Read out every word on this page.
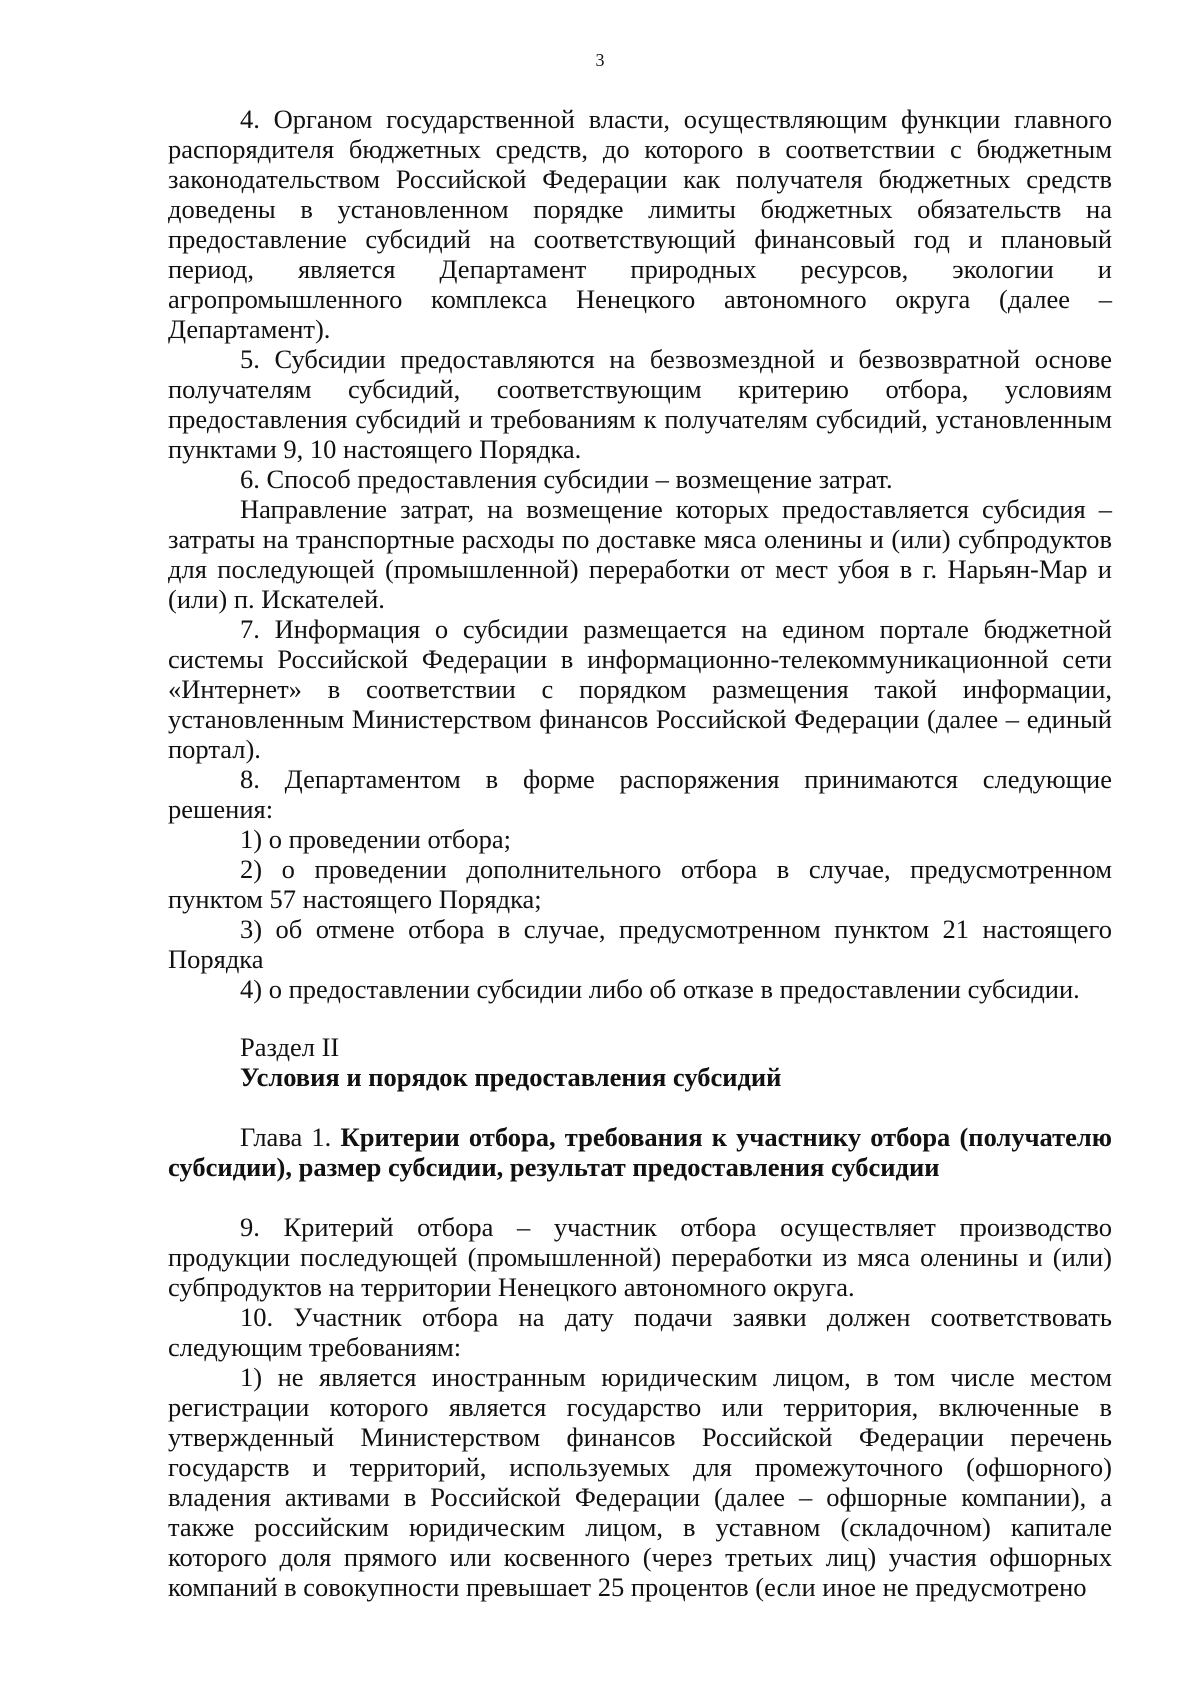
3

4. Органом государственной власти, осуществляющим функции главного распорядителя бюджетных средств, до которого в соответствии с бюджетным законодательством Российской Федерации как получателя бюджетных средств доведены в установленном порядке лимиты бюджетных обязательств на предоставление субсидий на соответствующий финансовый год и плановый период, является Департамент природных ресурсов, экологии и агропромышленного комплекса Ненецкого автономного округа (далее – Департамент).

5. Субсидии предоставляются на безвозмездной и безвозвратной основе получателям субсидий, соответствующим критерию отбора, условиям предоставления субсидий и требованиям к получателям субсидий, установленным пунктами 9, 10 настоящего Порядка.

6. Способ предоставления субсидии – возмещение затрат.

Направление затрат, на возмещение которых предоставляется субсидия – затраты на транспортные расходы по доставке мяса оленины и (или) субпродуктов для последующей (промышленной) переработки от мест убоя в г. Нарьян-Мар и (или) п. Искателей.

7. Информация о субсидии размещается на едином портале бюджетной системы Российской Федерации в информационно-телекоммуникационной сети «Интернет» в соответствии с порядком размещения такой информации, установленным Министерством финансов Российской Федерации (далее – единый портал).

8. Департаментом в форме распоряжения принимаются следующие решения:

1) о проведении отбора;

2) о проведении дополнительного отбора в случае, предусмотренном пунктом 57 настоящего Порядка;

3) об отмене отбора в случае, предусмотренном пунктом 21 настоящего Порядка

4) о предоставлении субсидии либо об отказе в предоставлении субсидии.

Раздел II

Условия и порядок предоставления субсидий

Глава 1. Критерии отбора, требования к участнику отбора (получателю субсидии), размер субсидии, результат предоставления субсидии

9. Критерий отбора – участник отбора осуществляет производство продукции последующей (промышленной) переработки из мяса оленины и (или) субпродуктов на территории Ненецкого автономного округа.

10. Участник отбора на дату подачи заявки должен соответствовать следующим требованиям:

1) не является иностранным юридическим лицом, в том числе местом регистрации которого является государство или территория, включенные в утвержденный Министерством финансов Российской Федерации перечень государств и территорий, используемых для промежуточного (офшорного) владения активами в Российской Федерации (далее – офшорные компании), а также российским юридическим лицом, в уставном (складочном) капитале которого доля прямого или косвенного (через третьих лиц) участия офшорных компаний в совокупности превышает 25 процентов (если иное не предусмотрено
